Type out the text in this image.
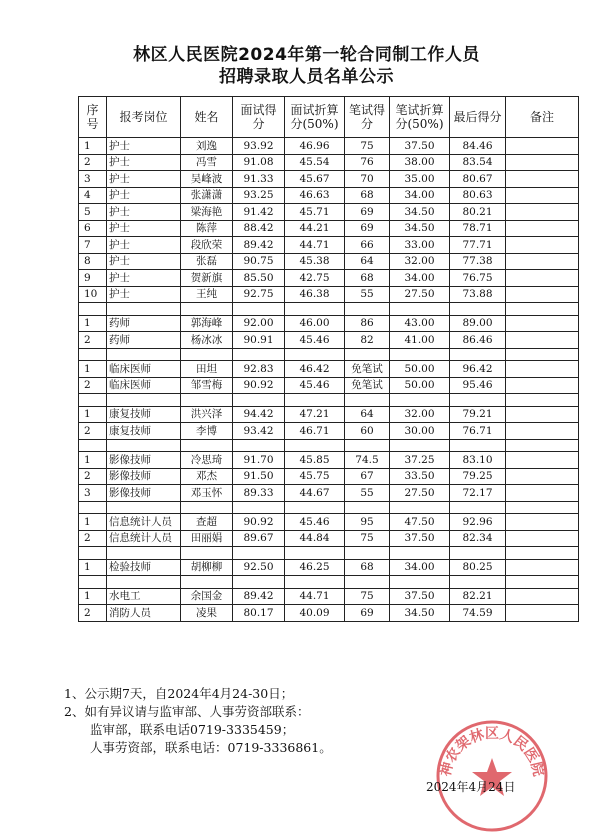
林区人民医院2024年第一轮合同制工作人员
招聘录取人员名单公示
序号	报考岗位	姓名	面试得分	面试折算分(50%)	笔试得分	笔试折算分(50%)	最后得分	备注
1	护士	刘逸	93.92	46.96	75	37.50	84.46	
2	护士	冯雪	91.08	45.54	76	38.00	83.54	
3	护士	吴峰波	91.33	45.67	70	35.00	80.67	
4	护士	张潇潇	93.25	46.63	68	34.00	80.63	
5	护士	梁海艳	91.42	45.71	69	34.50	80.21	
6	护士	陈萍	88.42	44.21	69	34.50	78.71	
7	护士	段欣荣	89.42	44.71	66	33.00	77.71	
8	护士	张磊	90.75	45.38	64	32.00	77.38	
9	护士	贺新旗	85.50	42.75	68	34.00	76.75	
10	护士	王纯	92.75	46.38	55	27.50	73.88	

1	药师	郭海峰	92.00	46.00	86	43.00	89.00	
2	药师	杨冰冰	90.91	45.46	82	41.00	86.46	

1	临床医师	田坦	92.83	46.42	免笔试	50.00	96.42	
2	临床医师	邹雪梅	90.92	45.46	免笔试	50.00	95.46	

1	康复技师	洪兴泽	94.42	47.21	64	32.00	79.21	
2	康复技师	李博	93.42	46.71	60	30.00	76.71	

1	影像技师	冷思琦	91.70	45.85	74.5	37.25	83.10	
2	影像技师	邓杰	91.50	45.75	67	33.50	79.25	
3	影像技师	邓玉怀	89.33	44.67	55	27.50	72.17	

1	信息统计人员	查超	90.92	45.46	95	47.50	92.96	
2	信息统计人员	田丽娟	89.67	44.84	75	37.50	82.34	

1	检验技师	胡柳柳	92.50	46.25	68	34.00	80.25	

1	水电工	余国金	89.42	44.71	75	37.50	82.21	
2	消防人员	凌果	80.17	40.09	69	34.50	74.59	
1、公示期7天，自2024年4月24-30日；
2、如有异议请与监审部、人事劳资部联系：
监审部，联系电话0719-3335459；
人事劳资部，联系电话：0719-3336861。
神农架林区人民医院
2024年4月24日
